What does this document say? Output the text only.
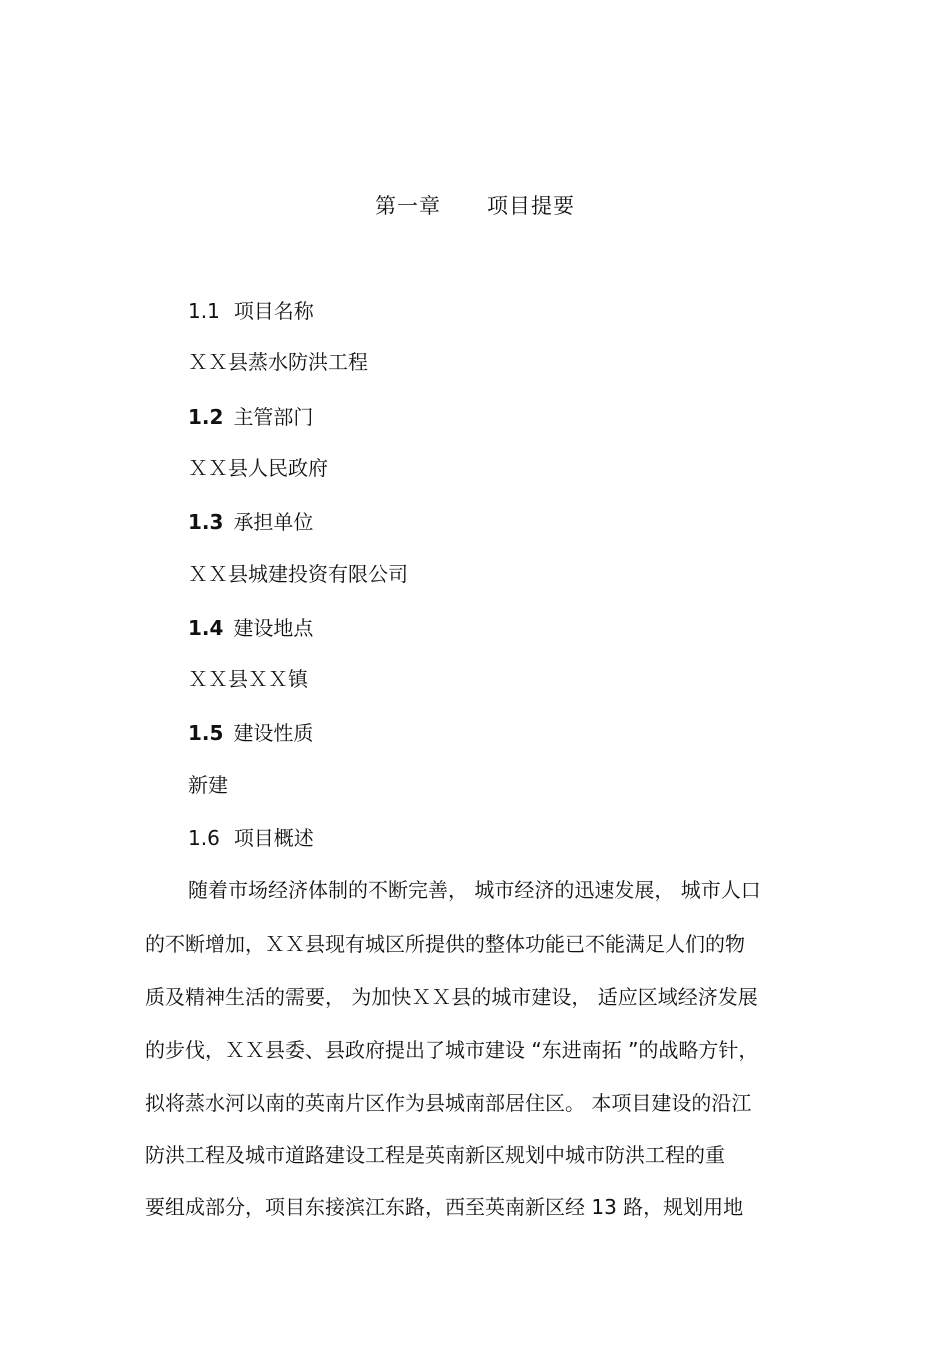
第一章      项目提要
1.1 项目名称
ＸＸ县蒸水防洪工程
1.2 主管部门
ＸＸ县人民政府
1.3 承担单位
ＸＸ县城建投资有限公司
1.4 建设地点
ＸＸ县ＸＸ镇
1.5 建设性质
新建
1.6 项目概述
随着市场经济体制的不断完善， 城市经济的迅速发展， 城市人口
的不断增加，ＸＸ县现有城区所提供的整体功能已不能满足人们的物
质及精神生活的需要， 为加快ＸＸ县的城市建设， 适应区域经济发展
的步伐，ＸＸ县委、县政府提出了城市建设 “东进南拓 ”的战略方针，
拟将蒸水河以南的英南片区作为县城南部居住区。 本项目建设的沿江
防洪工程及城市道路建设工程是英南新区规划中城市防洪工程的重
要组成部分，项目东接滨江东路，西至英南新区经 13 路，规划用地
